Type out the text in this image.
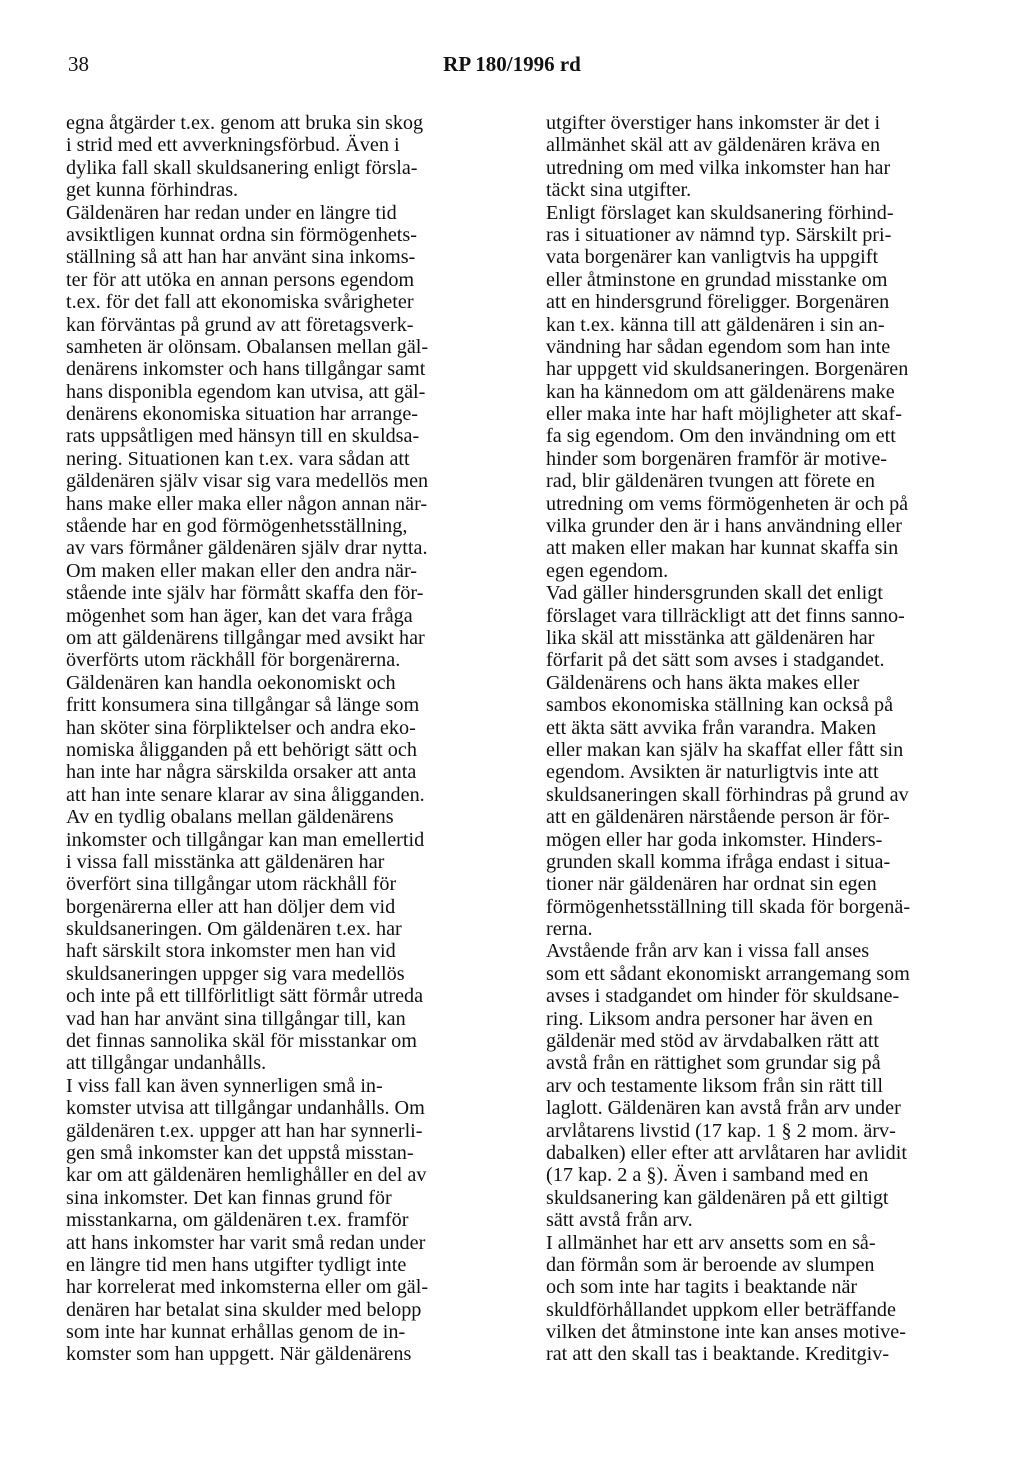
38	RP 180/1996 rd
egna åtgärder t.ex. genom att bruka sin skog
i strid med ett avverkningsförbud. Även i
dylika fall skall skuldsanering enligt försla-
get kunna förhindras.
Gäldenären har redan under en längre tid
avsiktligen kunnat ordna sin förmögenhets-
ställning så att han har använt sina inkoms-
ter för att utöka en annan persons egendom
t.ex. för det fall att ekonomiska svårigheter
kan förväntas på grund av att företagsverk-
samheten är olönsam. Obalansen mellan gäl-
denärens inkomster och hans tillgångar samt
hans disponibla egendom kan utvisa, att gäl-
denärens ekonomiska situation har arrange-
rats uppsåtligen med hänsyn till en skuldsa-
nering. Situationen kan t.ex. vara sådan att
gäldenären själv visar sig vara medellös men
hans make eller maka eller någon annan när-
stående har en god förmögenhetsställning,
av vars förmåner gäldenären själv drar nytta.
Om maken eller makan eller den andra när-
stående inte själv har förmått skaffa den för-
mögenhet som han äger, kan det vara fråga
om att gäldenärens tillgångar med avsikt har
överförts utom räckhåll för borgenärerna.
Gäldenären kan handla oekonomiskt och
fritt konsumera sina tillgångar så länge som
han sköter sina förpliktelser och andra eko-
nomiska åligganden på ett behörigt sätt och
han inte har några särskilda orsaker att anta
att han inte senare klarar av sina åligganden.
Av en tydlig obalans mellan gäldenärens
inkomster och tillgångar kan man emellertid
i vissa fall misstänka att gäldenären har
överfört sina tillgångar utom räckhåll för
borgenärerna eller att han döljer dem vid
skuldsaneringen. Om gäldenären t.ex. har
haft särskilt stora inkomster men han vid
skuldsaneringen uppger sig vara medellös
och inte på ett tillförlitligt sätt förmår utreda
vad han har använt sina tillgångar till, kan
det finnas sannolika skäl för misstankar om
att tillgångar undanhålls.
I viss fall kan även synnerligen små in-
komster utvisa att tillgångar undanhålls. Om
gäldenären t.ex. uppger att han har synnerli-
gen små inkomster kan det uppstå misstan-
kar om att gäldenären hemlighåller en del av
sina inkomster. Det kan finnas grund för
misstankarna, om gäldenären t.ex. framför
att hans inkomster har varit små redan under
en längre tid men hans utgifter tydligt inte
har korrelerat med inkomsterna eller om gäl-
denären har betalat sina skulder med belopp
som inte har kunnat erhållas genom de in-
komster som han uppgett. När gäldenärens
utgifter överstiger hans inkomster är det i
allmänhet skäl att av gäldenären kräva en
utredning om med vilka inkomster han har
täckt sina utgifter.
Enligt förslaget kan skuldsanering förhind-
ras i situationer av nämnd typ. Särskilt pri-
vata borgenärer kan vanligtvis ha uppgift
eller åtminstone en grundad misstanke om
att en hindersgrund föreligger. Borgenären
kan t.ex. känna till att gäldenären i sin an-
vändning har sådan egendom som han inte
har uppgett vid skuldsaneringen. Borgenären
kan ha kännedom om att gäldenärens make
eller maka inte har haft möjligheter att skaf-
fa sig egendom. Om den invändning om ett
hinder som borgenären framför är motive-
rad, blir gäldenären tvungen att förete en
utredning om vems förmögenheten är och på
vilka grunder den är i hans användning eller
att maken eller makan har kunnat skaffa sin
egen egendom.
Vad gäller hindersgrunden skall det enligt
förslaget vara tillräckligt att det finns sanno-
lika skäl att misstänka att gäldenären har
förfarit på det sätt som avses i stadgandet.
Gäldenärens och hans äkta makes eller
sambos ekonomiska ställning kan också på
ett äkta sätt avvika från varandra. Maken
eller makan kan själv ha skaffat eller fått sin
egendom. Avsikten är naturligtvis inte att
skuldsaneringen skall förhindras på grund av
att en gäldenären närstående person är för-
mögen eller har goda inkomster. Hinders-
grunden skall komma ifråga endast i situa-
tioner när gäldenären har ordnat sin egen
förmögenhetsställning till skada för borgenä-
rerna.
Avstående från arv kan i vissa fall anses
som ett sådant ekonomiskt arrangemang som
avses i stadgandet om hinder för skuldsane-
ring. Liksom andra personer har även en
gäldenär med stöd av ärvdabalken rätt att
avstå från en rättighet som grundar sig på
arv och testamente liksom från sin rätt till
laglott. Gäldenären kan avstå från arv under
arvlåtarens livstid (17 kap. 1 § 2 mom. ärv-
dabalken) eller efter att arvlåtaren har avlidit
(17 kap. 2 a §). Även i samband med en
skuldsanering kan gäldenären på ett giltigt
sätt avstå från arv.
I allmänhet har ett arv ansetts som en så-
dan förmån som är beroende av slumpen
och som inte har tagits i beaktande när
skuldförhållandet uppkom eller beträffande
vilken det åtminstone inte kan anses motive-
rat att den skall tas i beaktande. Kreditgiv-
